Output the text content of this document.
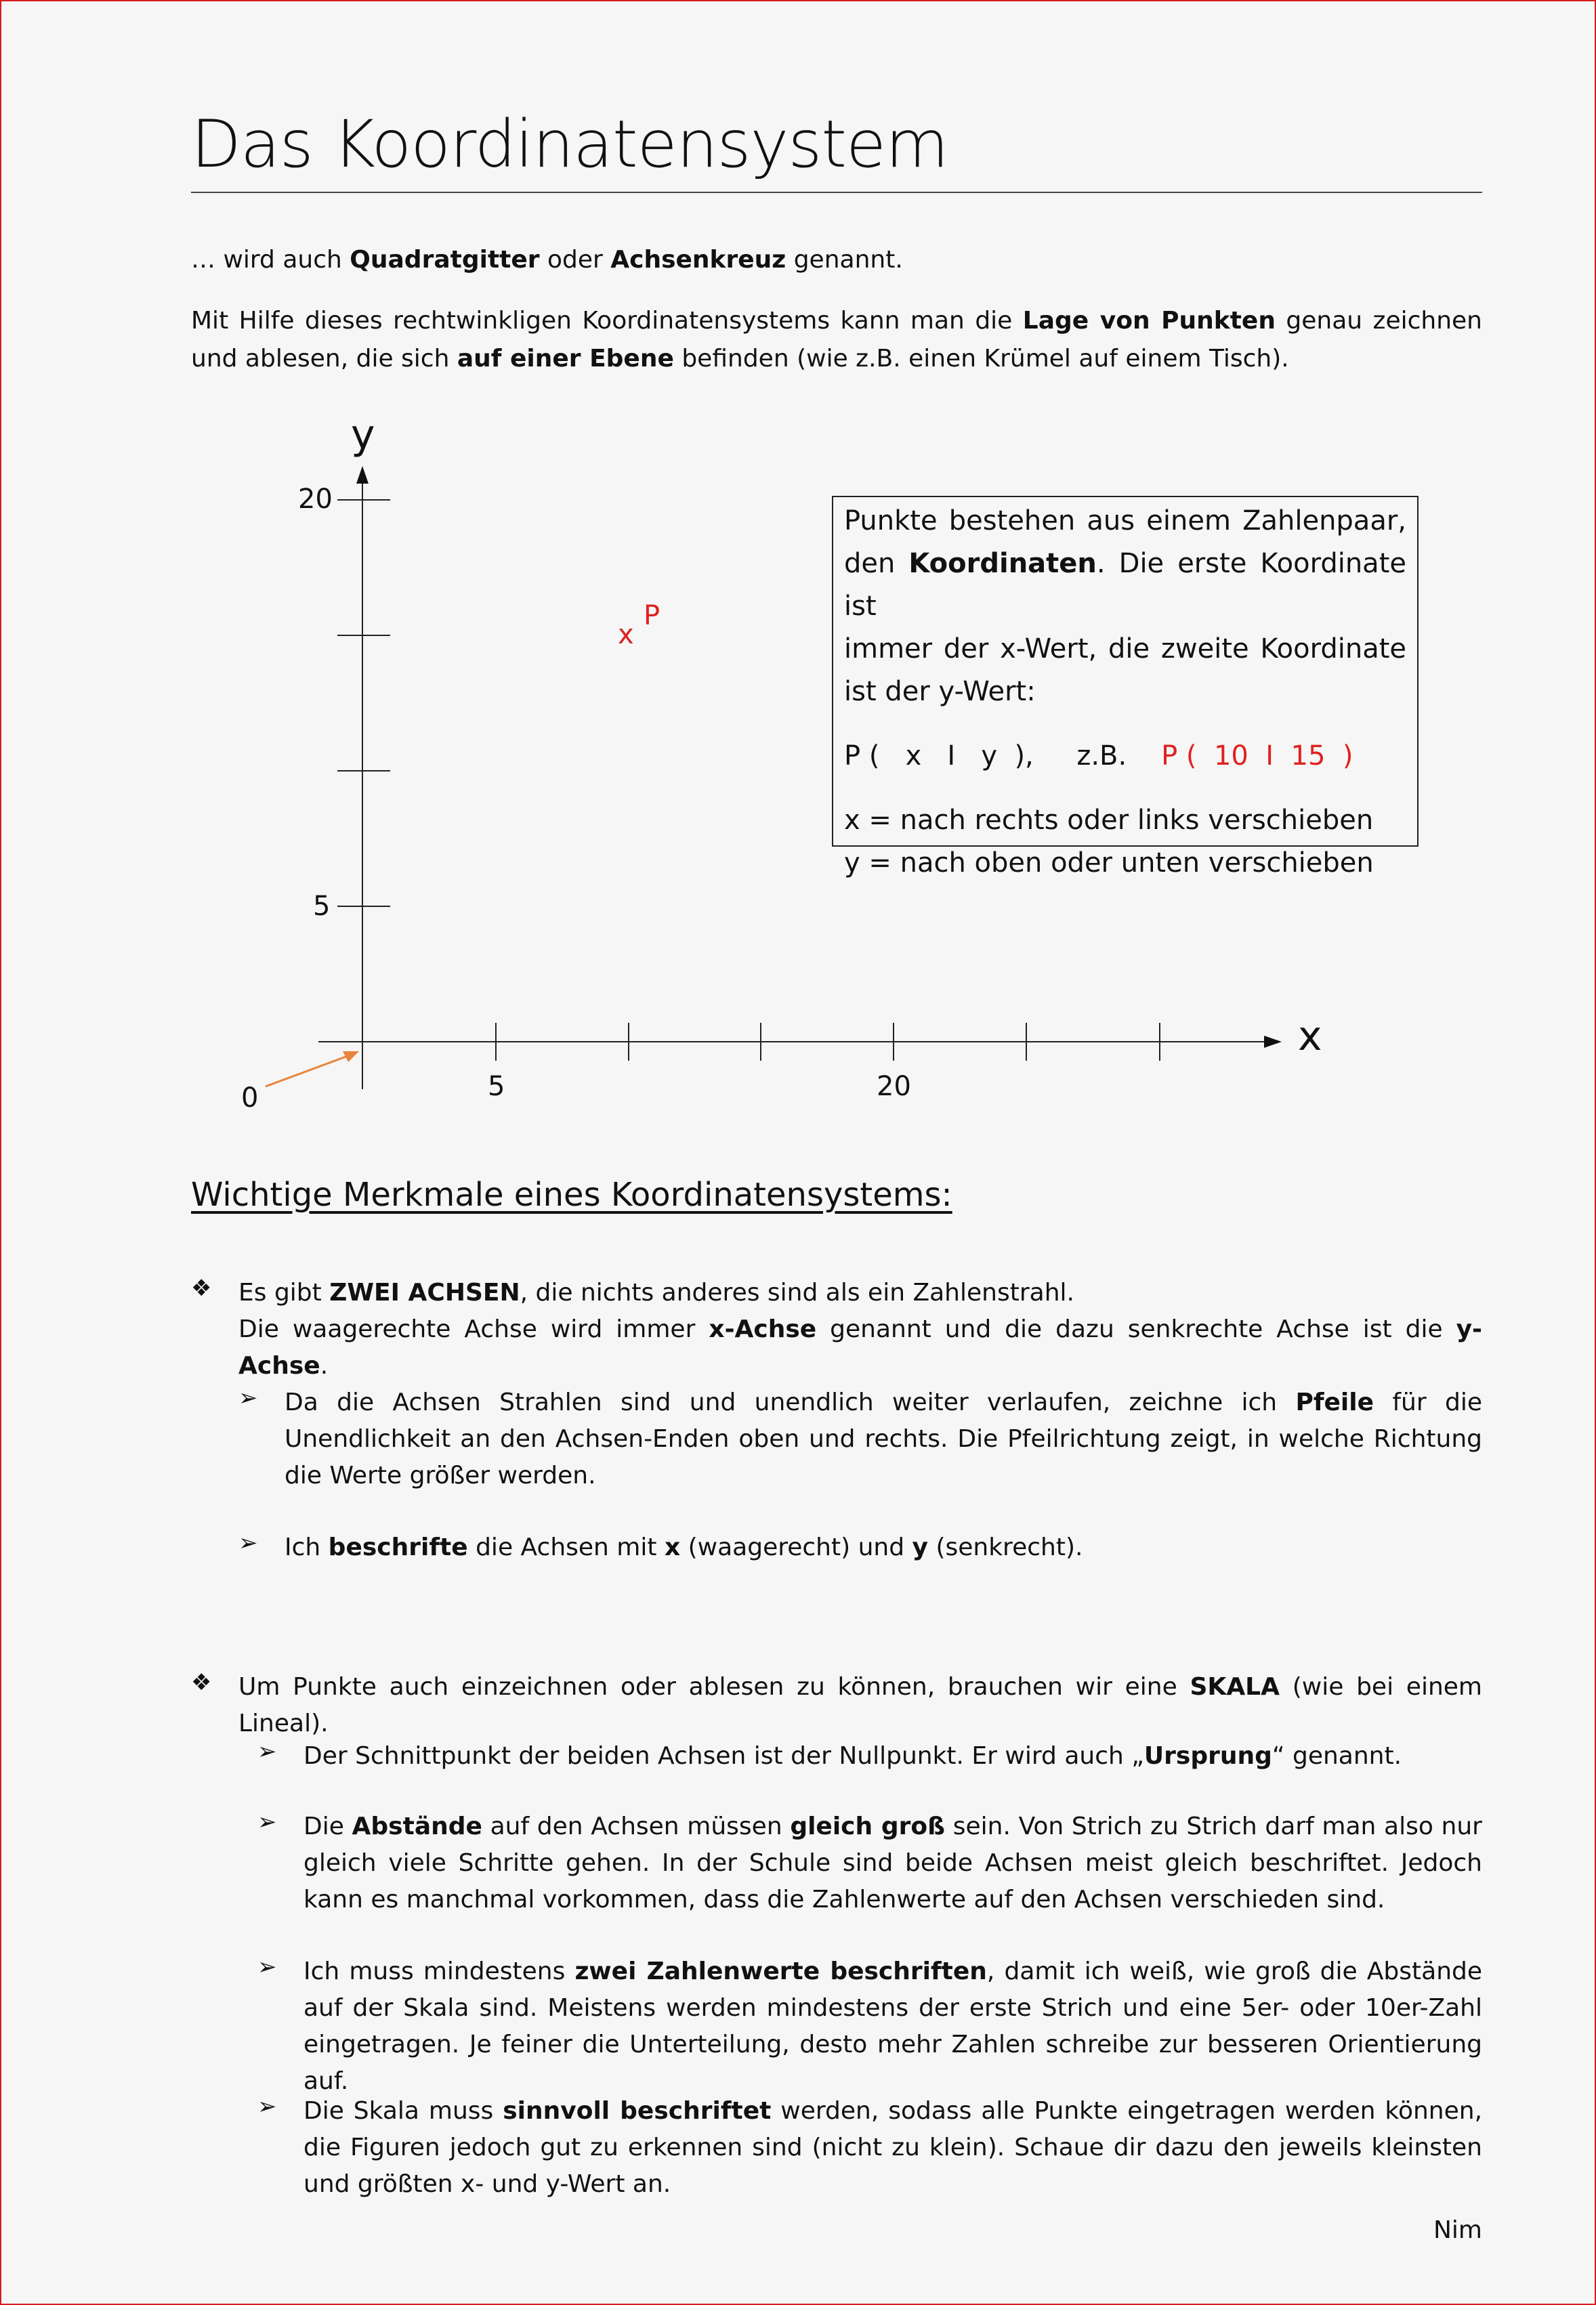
Das Koordinatensystem
… wird auch Quadratgitter oder Achsenkreuz genannt.
Mit Hilfe dieses rechtwinkligen Koordinatensystems kann man die Lage von Punkten genau zeichnen und ablesen, die sich auf einer Ebene befinden (wie z.B. einen Krümel auf einem Tisch).
y
x
20
5
5	20
0
x
P
Punkte bestehen aus einem Zahlenpaar,
den Koordinaten. Die erste Koordinate ist
immer der x-Wert, die zweite Koordinate
ist der y-Wert:
P (   x   I   y  ),     z.B. P (  10  I  15  )
x = nach rechts oder links verschieben
y = nach oben oder unten verschieben
Wichtige Merkmale eines Koordinatensystems:
❖ Es gibt ZWEI ACHSEN, die nichts anderes sind als ein Zahlenstrahl.
Die waagerechte Achse wird immer x-Achse genannt und die dazu senkrechte Achse ist die y-Achse.
➢ Da die Achsen Strahlen sind und unendlich weiter verlaufen, zeichne ich Pfeile für die Unendlichkeit an den Achsen-Enden oben und rechts. Die Pfeilrichtung zeigt, in welche Richtung die Werte größer werden.
➢ Ich beschrifte die Achsen mit x (waagerecht) und y (senkrecht).
❖ Um Punkte auch einzeichnen oder ablesen zu können, brauchen wir eine SKALA (wie bei einem Lineal).
➢ Der Schnittpunkt der beiden Achsen ist der Nullpunkt. Er wird auch „Ursprung“ genannt.
➢ Die Abstände auf den Achsen müssen gleich groß sein. Von Strich zu Strich darf man also nur gleich viele Schritte gehen. In der Schule sind beide Achsen meist gleich beschriftet. Jedoch kann es manchmal vorkommen, dass die Zahlenwerte auf den Achsen verschieden sind.
➢ Ich muss mindestens zwei Zahlenwerte beschriften, damit ich weiß, wie groß die Abstände auf der Skala sind. Meistens werden mindestens der erste Strich und eine 5er- oder 10er-Zahl eingetragen. Je feiner die Unterteilung, desto mehr Zahlen schreibe zur besseren Orientierung auf.
➢ Die Skala muss sinnvoll beschriftet werden, sodass alle Punkte eingetragen werden können, die Figuren jedoch gut zu erkennen sind (nicht zu klein). Schaue dir dazu den jeweils kleinsten und größten x- und y-Wert an.
Nim
